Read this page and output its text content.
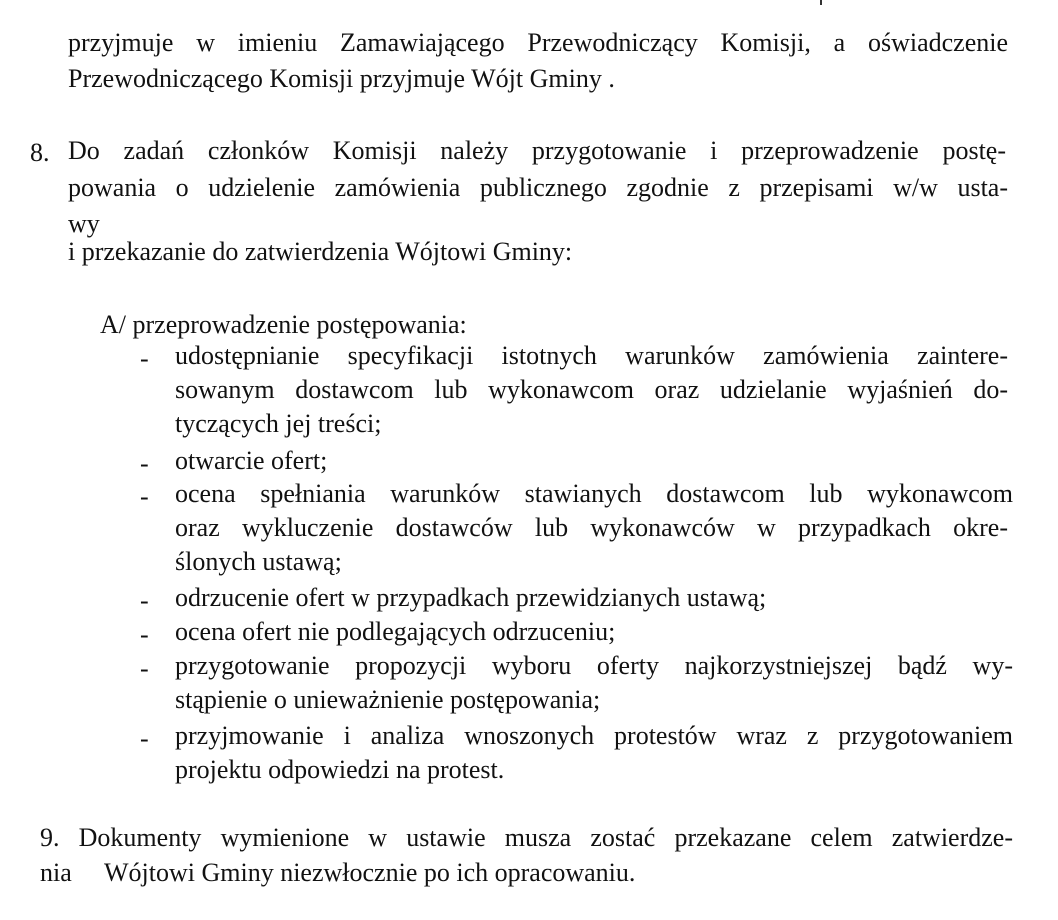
przyjmuje w imieniu Zamawiającego Przewodniczący Komisji, a oświadczenie
Przewodniczącego Komisji przyjmuje Wójt Gminy .
8. Do zadań członków Komisji należy przygotowanie i przeprowadzenie postę-
powania o udzielenie zamówienia publicznego zgodnie z przepisami w/w usta-
wy
i przekazanie do zatwierdzenia Wójtowi Gminy:
A/ przeprowadzenie postępowania:
- udostępnianie specyfikacji istotnych warunków zamówienia zaintere-
sowanym dostawcom lub wykonawcom oraz udzielanie wyjaśnień do-
tyczących jej treści;
- otwarcie ofert;
- ocena spełniania warunków stawianych dostawcom lub wykonawcom
oraz wykluczenie dostawców lub wykonawców w przypadkach okre-
ślonych ustawą;
- odrzucenie ofert w przypadkach przewidzianych ustawą;
- ocena ofert nie podlegających odrzuceniu;
- przygotowanie propozycji wyboru oferty najkorzystniejszej bądź wy-
stąpienie o unieważnienie postępowania;
- przyjmowanie i analiza wnoszonych protestów wraz z przygotowaniem
projektu odpowiedzi na protest.
9. Dokumenty wymienione w ustawie musza zostać przekazane celem zatwierdze-
nia Wójtowi Gminy niezwłocznie po ich opracowaniu.
